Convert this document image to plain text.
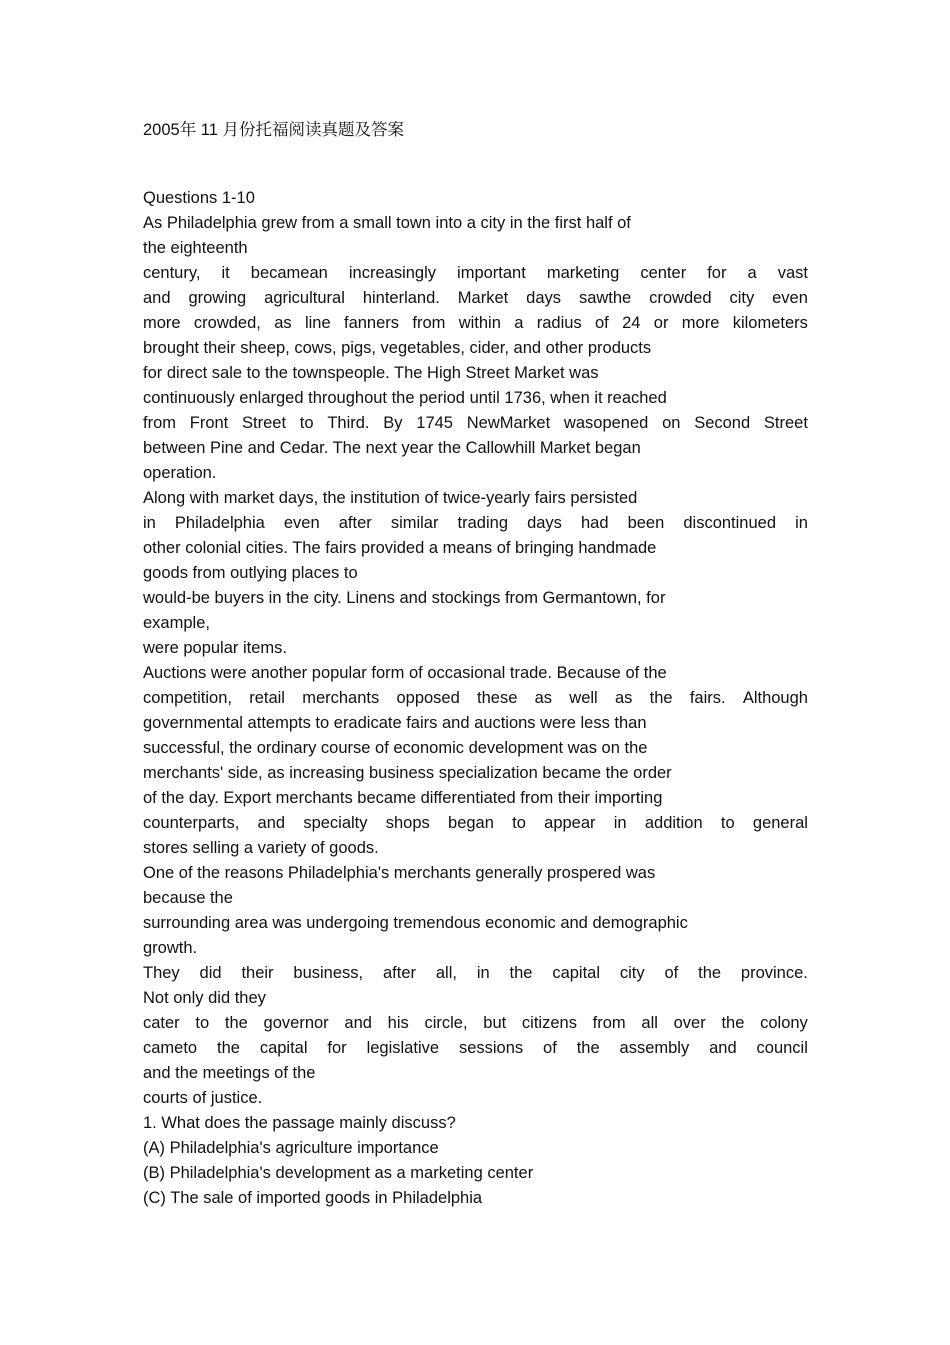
2005年 11 月份托福阅读真题及答案
Questions 1-10
As Philadelphia grew from a small town into a city in the first half of
the eighteenth
century, it becamean increasingly important marketing center for a vast
and growing agricultural hinterland. Market days sawthe crowded city even
more crowded, as line fanners from within a radius of 24 or more kilometers
brought their sheep, cows, pigs, vegetables, cider, and other products
for direct sale to the townspeople. The High Street Market was
continuously enlarged throughout the period until 1736, when it reached
from Front Street to Third. By 1745 NewMarket wasopened on Second Street
between Pine and Cedar. The next year the Callowhill Market began
operation.
Along with market days, the institution of twice-yearly fairs persisted
in Philadelphia even after similar trading days had been discontinued in
other colonial cities. The fairs provided a means of bringing handmade
goods from outlying places to
would-be buyers in the city. Linens and stockings from Germantown, for
example,
were popular items.
Auctions were another popular form of occasional trade. Because of the
competition, retail merchants opposed these as well as the fairs. Although
governmental attempts to eradicate fairs and auctions were less than
successful, the ordinary course of economic development was on the
merchants' side, as increasing business specialization became the order
of the day. Export merchants became differentiated from their importing
counterparts, and specialty shops began to appear in addition to general
stores selling a variety of goods.
One of the reasons Philadelphia's merchants generally prospered was
because the
surrounding area was undergoing tremendous economic and demographic
growth.
They did their business, after all, in the capital city of the province.
Not only did they
cater to the governor and his circle, but citizens from all over the colony
cameto the capital for legislative sessions of the assembly and council
and the meetings of the
courts of justice.
1. What does the passage mainly discuss?
(A) Philadelphia's agriculture importance
(B) Philadelphia's development as a marketing center
(C) The sale of imported goods in Philadelphia
